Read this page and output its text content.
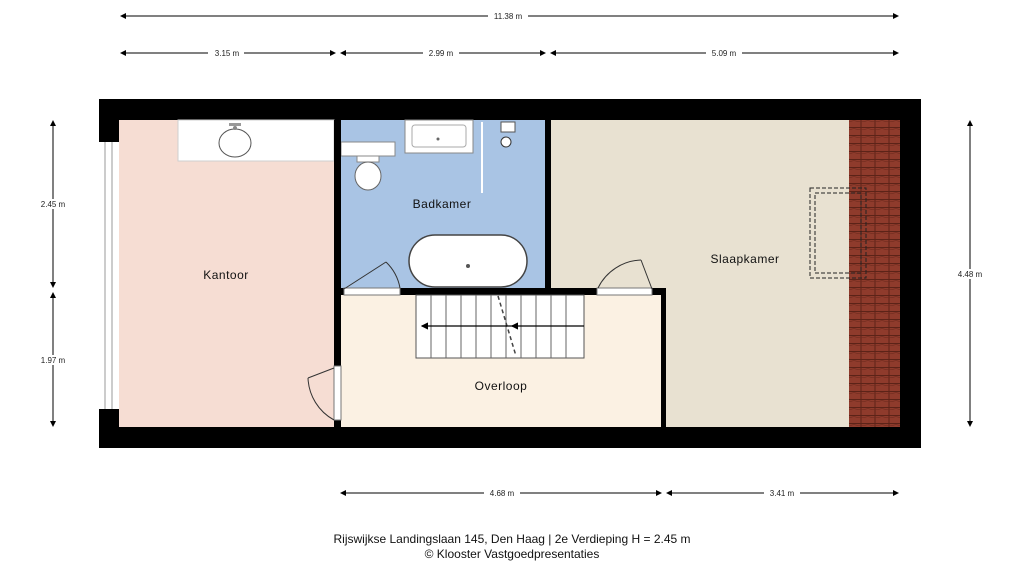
11.38 m
3.15 m	2.99 m	5.09 m
2.45 m
1.97 m
4.48 m
4.68 m	3.41 m
Kantoor
Badkamer
Slaapkamer
Overloop
Rijswijkse Landingslaan 145, Den Haag | 2e Verdieping H = 2.45 m
© Klooster Vastgoedpresentaties
